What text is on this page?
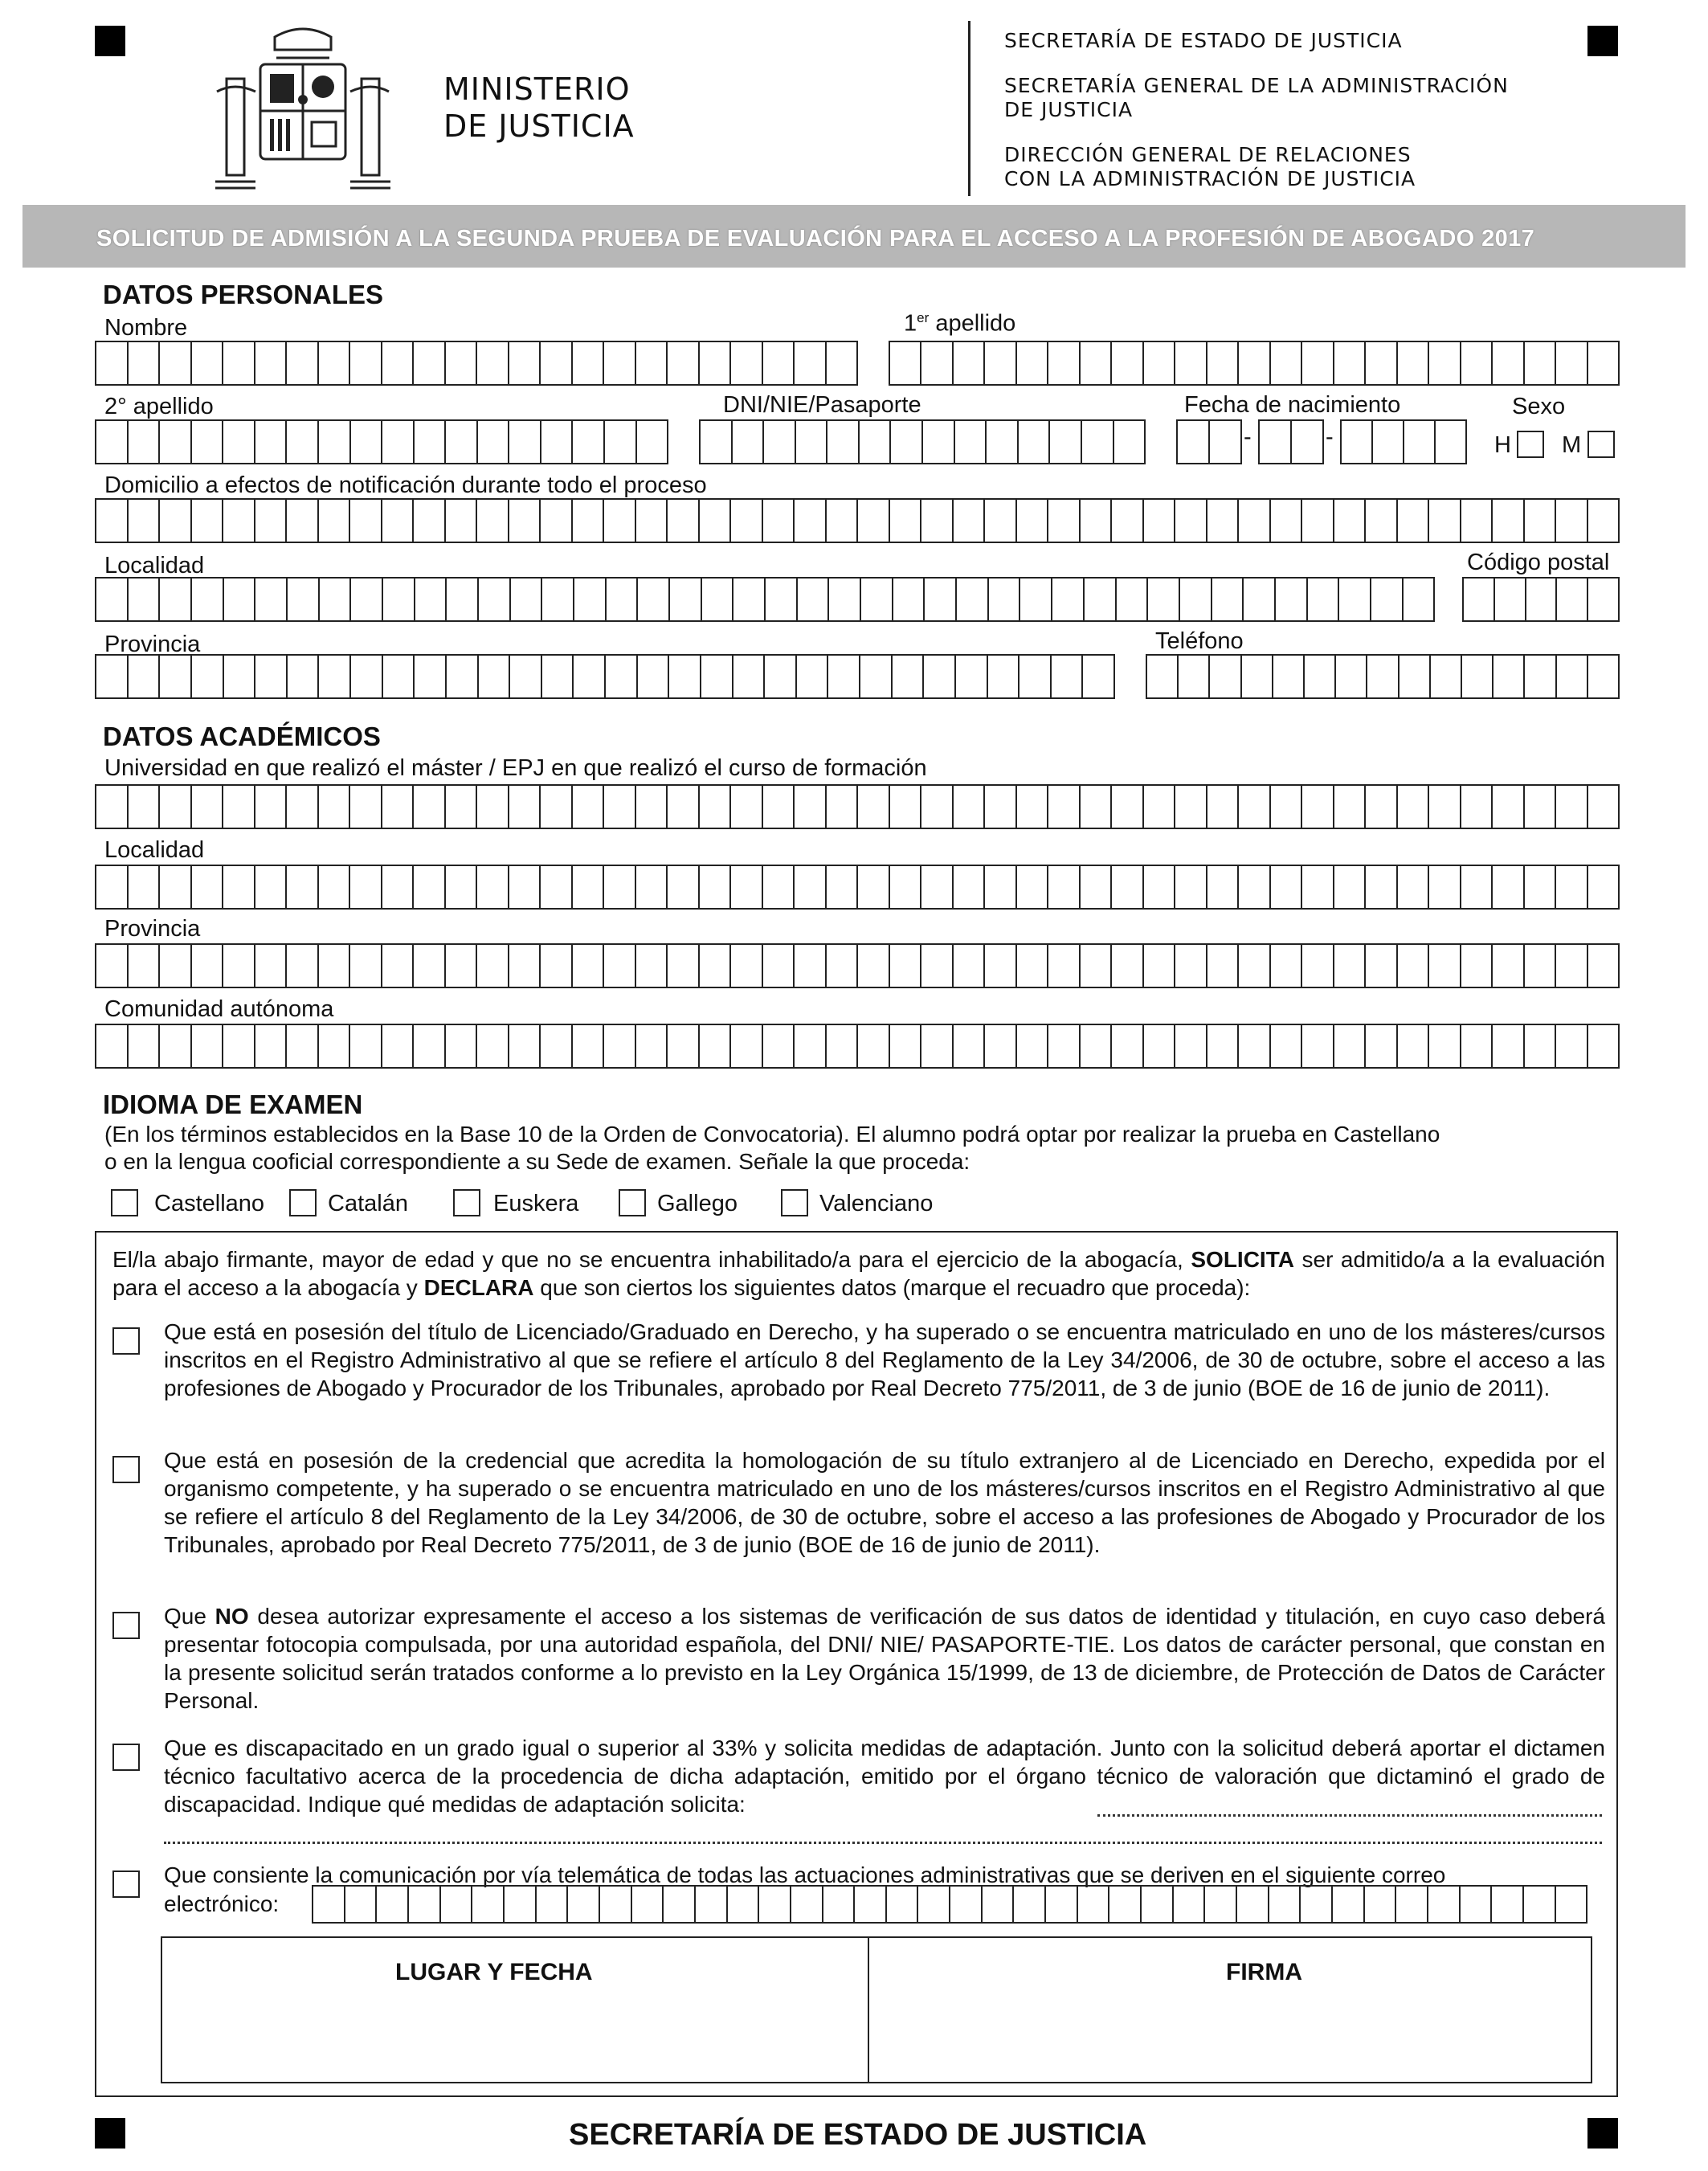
MINISTERIO
DE JUSTICIA
SECRETARÍA DE ESTADO DE JUSTICIA
SECRETARÍA GENERAL DE LA ADMINISTRACIÓN
DE JUSTICIA
DIRECCIÓN GENERAL DE RELACIONES
CON LA ADMINISTRACIÓN DE JUSTICIA
SOLICITUD DE ADMISIÓN A LA SEGUNDA PRUEBA DE EVALUACIÓN PARA EL ACCESO A LA PROFESIÓN DE ABOGADO 2017
DATOS PERSONALES
Nombre	1er apellido
2° apellido	DNI/NIE/Pasaporte	Fecha de nacimiento	Sexo
-	-	H M
Domicilio a efectos de notificación durante todo el proceso
Localidad	Código postal
Provincia	Teléfono
DATOS ACADÉMICOS
Universidad en que realizó el máster / EPJ en que realizó el curso de formación
Localidad
Provincia
Comunidad autónoma
IDIOMA DE EXAMEN
(En los términos establecidos en la Base 10 de la Orden de Convocatoria). El alumno podrá optar por realizar la prueba en Castellano
o en la lengua cooficial correspondiente a su Sede de examen. Señale la que proceda:
Castellano	Catalán	Euskera	Gallego	Valenciano
El/la abajo firmante, mayor de edad y que no se encuentra inhabilitado/a para el ejercicio de la abogacía, SOLICITA ser admitido/a a la evaluación para el acceso a la abogacía y DECLARA que son ciertos los siguientes datos (marque el recuadro que proceda):
Que está en posesión del título de Licenciado/Graduado en Derecho, y ha superado o se encuentra matriculado en uno de los másteres/cursos inscritos en el Registro Administrativo al que se refiere el artículo 8 del Reglamento de la Ley 34/2006, de 30 de octubre, sobre el acceso a las profesiones de Abogado y Procurador de los Tribunales, aprobado por Real Decreto 775/2011, de 3 de junio (BOE de 16 de junio de 2011).
Que está en posesión de la credencial que acredita la homologación de su título extranjero al de Licenciado en Derecho, expedida por el organismo competente, y ha superado o se encuentra matriculado en uno de los másteres/cursos inscritos en el Registro Administrativo al que se refiere el artículo 8 del Reglamento de la Ley 34/2006, de 30 de octubre, sobre el acceso a las profesiones de Abogado y Procurador de los Tribunales, aprobado por Real Decreto 775/2011, de 3 de junio (BOE de 16 de junio de 2011).
Que NO desea autorizar expresamente el acceso a los sistemas de verificación de sus datos de identidad y titulación, en cuyo caso deberá presentar fotocopia compulsada, por una autoridad española, del DNI/ NIE/ PASAPORTE-TIE. Los datos de carácter personal, que constan en la presente solicitud serán tratados conforme a lo previsto en la Ley Orgánica 15/1999, de 13 de diciembre, de Protección de Datos de Carácter Personal.
Que es discapacitado en un grado igual o superior al 33% y solicita medidas de adaptación. Junto con la solicitud deberá aportar el dictamen técnico facultativo acerca de la procedencia de dicha adaptación, emitido por el órgano técnico de valoración que dictaminó el grado de discapacidad. Indique qué medidas de adaptación solicita:
Que consiente la comunicación por vía telemática de todas las actuaciones administrativas que se deriven en el siguiente correo
electrónico:
LUGAR Y FECHA	FIRMA
SECRETARÍA DE ESTADO DE JUSTICIA
